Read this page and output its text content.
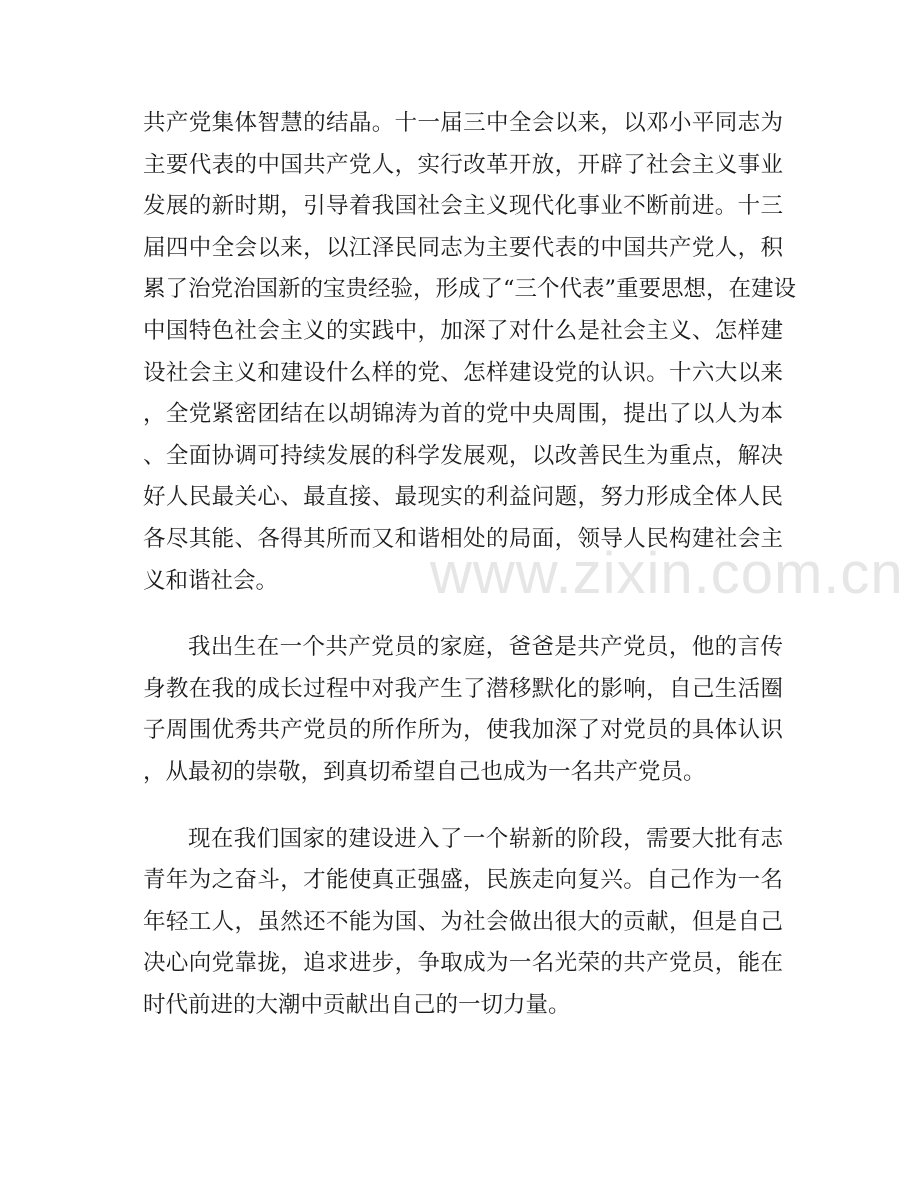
www.zixin.com.cn
共产党集体智慧的结晶。十一届三中全会以来，以邓小平同志为
主要代表的中国共产党人，实行改革开放，开辟了社会主义事业
发展的新时期，引导着我国社会主义现代化事业不断前进。十三
届四中全会以来，以江泽民同志为主要代表的中国共产党人，积
累了治党治国新的宝贵经验，形成了“三个代表”重要思想，在建设
中国特色社会主义的实践中，加深了对什么是社会主义、怎样建
设社会主义和建设什么样的党、怎样建设党的认识。十六大以来
，全党紧密团结在以胡锦涛为首的党中央周围，提出了以人为本
、全面协调可持续发展的科学发展观，以改善民生为重点，解决
好人民最关心、最直接、最现实的利益问题，努力形成全体人民
各尽其能、各得其所而又和谐相处的局面，领导人民构建社会主
义和谐社会。
我出生在一个共产党员的家庭，爸爸是共产党员，他的言传
身教在我的成长过程中对我产生了潜移默化的影响，自己生活圈
子周围优秀共产党员的所作所为，使我加深了对党员的具体认识
，从最初的崇敬，到真切希望自己也成为一名共产党员。
现在我们国家的建设进入了一个崭新的阶段，需要大批有志
青年为之奋斗，才能使真正强盛，民族走向复兴。自己作为一名
年轻工人，虽然还不能为国、为社会做出很大的贡献，但是自己
决心向党靠拢，追求进步，争取成为一名光荣的共产党员，能在
时代前进的大潮中贡献出自己的一切力量。
